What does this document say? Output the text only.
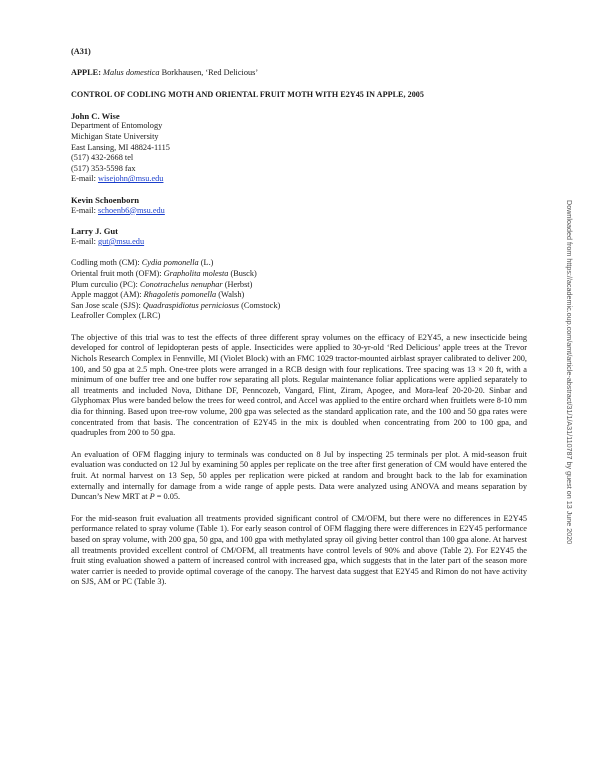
(A31)
APPLE: Malus domestica Borkhausen, ‘Red Delicious’
CONTROL OF CODLING MOTH AND ORIENTAL FRUIT MOTH WITH E2Y45 IN APPLE, 2005
John C. Wise
Department of Entomology
Michigan State University
East Lansing, MI 48824-1115
(517) 432-2668 tel
(517) 353-5598 fax
E-mail: wisejohn@msu.edu
Kevin Schoenborn
E-mail: schoenb6@msu.edu
Larry J. Gut
E-mail: gut@msu.edu
Codling moth (CM): Cydia pomonella (L.)
Oriental fruit moth (OFM): Grapholita molesta (Busck)
Plum curculio (PC): Conotrachelus nenuphar (Herbst)
Apple maggot (AM): Rhagoletis pomonella (Walsh)
San Jose scale (SJS): Quadraspidiotus perniciosus (Comstock)
Leafroller Complex (LRC)

The objective of this trial was to test the effects of three different spray volumes on the efficacy of E2Y45, a new insecticide being developed for control of lepidopteran pests of apple. Insecticides were applied to 30-yr-old ‘Red Delicious’ apple trees at the Trevor Nichols Research Complex in Fennville, MI (Violet Block) with an FMC 1029 tractor-mounted airblast sprayer calibrated to deliver 200, 100, and 50 gpa at 2.5 mph. One-tree plots were arranged in a RCB design with four replications. Tree spacing was 13 × 20 ft, with a minimum of one buffer tree and one buffer row separating all plots. Regular maintenance foliar applications were applied separately to all treatments and included Nova, Dithane DF, Penncozeb, Vangard, Flint, Ziram, Apogee, and Mora-leaf 20-20-20. Sinbar and Glyphomax Plus were banded below the trees for weed control, and Accel was applied to the entire orchard when fruitlets were 8-10 mm dia for thinning. Based upon tree-row volume, 200 gpa was selected as the standard application rate, and the 100 and 50 gpa rates were concentrated from that basis. The concentration of E2Y45 in the mix is doubled when concentrating from 200 to 100 gpa, and quadruples from 200 to 50 gpa.

An evaluation of OFM flagging injury to terminals was conducted on 8 Jul by inspecting 25 terminals per plot. A mid-season fruit evaluation was conducted on 12 Jul by examining 50 apples per replicate on the tree after first generation of CM would have entered the fruit. At normal harvest on 13 Sep, 50 apples per replication were picked at random and brought back to the lab for examination externally and internally for damage from a wide range of apple pests. Data were analyzed using ANOVA and means separation by Duncan’s New MRT at P = 0.05.

For the mid-season fruit evaluation all treatments provided significant control of CM/OFM, but there were no differences in E2Y45 performance related to spray volume (Table 1). For early season control of OFM flagging there were differences in E2Y45 performance based on spray volume, with 200 gpa, 50 gpa, and 100 gpa with methylated spray oil giving better control than 100 gpa alone. At harvest all treatments provided excellent control of CM/OFM, all treatments have control levels of 90% and above (Table 2). For E2Y45 the fruit sting evaluation showed a pattern of increased control with increased gpa, which suggests that in the later part of the season more water carrier is needed to provide optimal coverage of the canopy. The harvest data suggest that E2Y45 and Rimon do not have activity on SJS, AM or PC (Table 3).

Downloaded from https://academic.oup.com/amt/article-abstract/31/1/A31/110787 by guest on 13 June 2020
